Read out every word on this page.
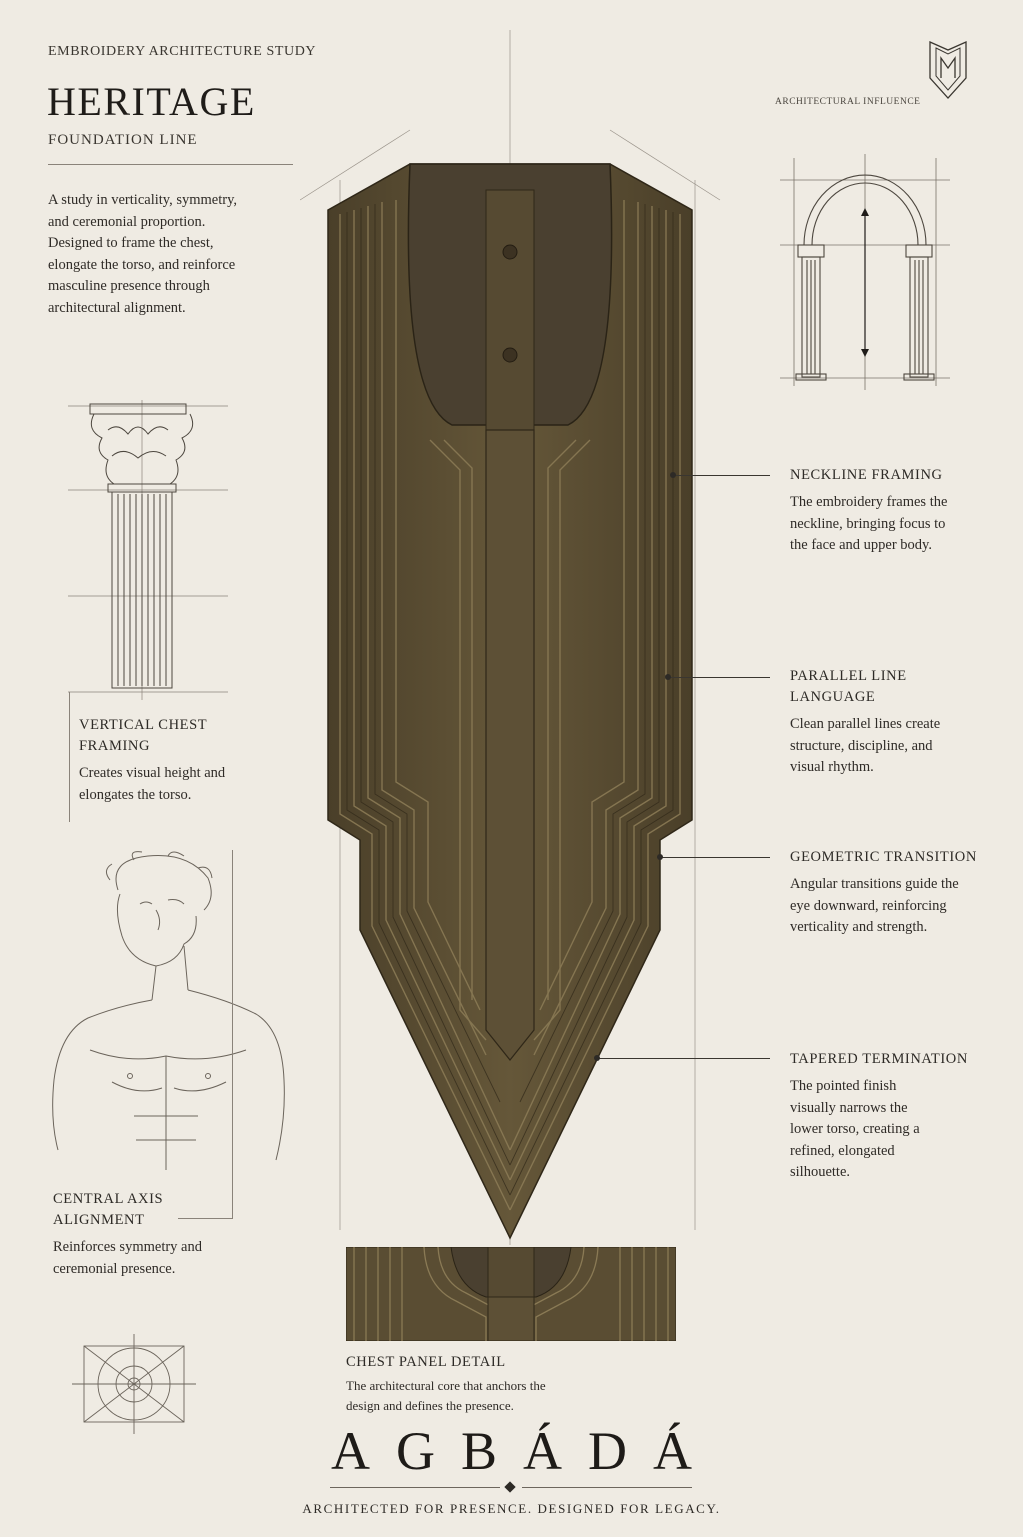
EMBROIDERY ARCHITECTURE STUDY
HERITAGE
FOUNDATION LINE
A study in verticality, symmetry, and ceremonial proportion. Designed to frame the chest, elongate the torso, and reinforce masculine presence through architectural alignment.
ARCHITECTURAL INFLUENCE
VERTICAL CHEST FRAMING
Creates visual height and elongates the torso.
CENTRAL AXIS ALIGNMENT
Reinforces symmetry and ceremonial presence.
NECKLINE FRAMING
The embroidery frames the neckline, bringing focus to the face and upper body.
PARALLEL LINE LANGUAGE
Clean parallel lines create structure, discipline, and visual rhythm.
GEOMETRIC TRANSITION
Angular transitions guide the eye downward, reinforcing verticality and strength.
TAPERED TERMINATION
The pointed finish visually narrows the lower torso, creating a refined, elongated silhouette.
CHEST PANEL DETAIL
The architectural core that anchors the design and defines the presence.
AGBÁDÁ
ARCHITECTED FOR PRESENCE. DESIGNED FOR LEGACY.
